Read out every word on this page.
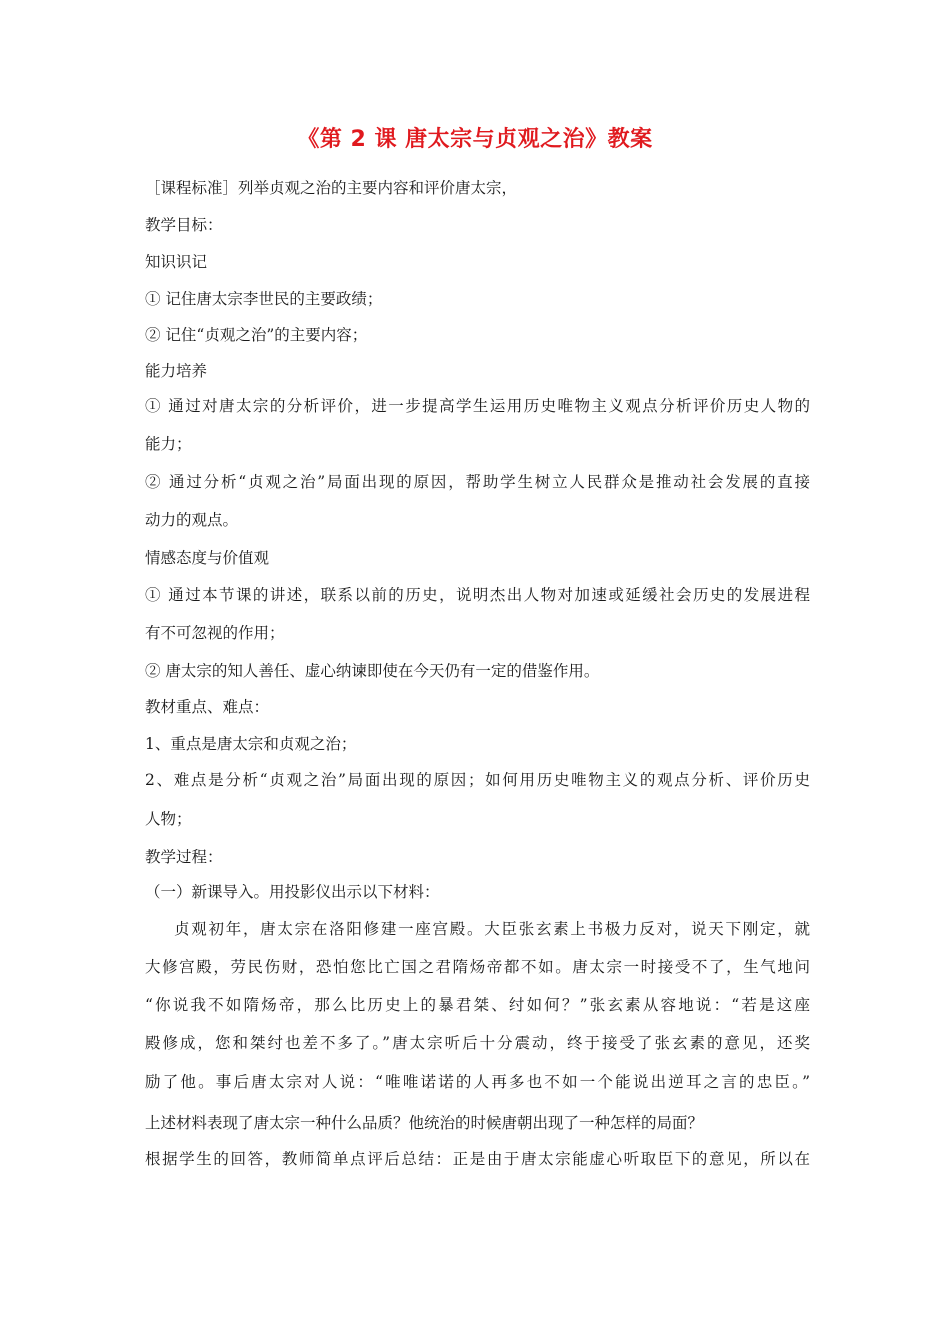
《第 2 课 唐太宗与贞观之治》教案

［课程标准］列举贞观之治的主要内容和评价唐太宗，

教学目标：

知识识记

① 记住唐太宗李世民的主要政绩；

② 记住“贞观之治”的主要内容；

能力培养

① 通过对唐太宗的分析评价，进一步提高学生运用历史唯物主义观点分析评价历史人物的

能力；

② 通过分析“贞观之治”局面出现的原因，帮助学生树立人民群众是推动社会发展的直接

动力的观点。

情感态度与价值观

① 通过本节课的讲述，联系以前的历史，说明杰出人物对加速或延缓社会历史的发展进程

有不可忽视的作用；

② 唐太宗的知人善任、虚心纳谏即使在今天仍有一定的借鉴作用。

教材重点、难点：

1、重点是唐太宗和贞观之治；

2、难点是分析“贞观之治”局面出现的原因；如何用历史唯物主义的观点分析、评价历史

人物；

教学过程：

（一）新课导入。用投影仪出示以下材料：

贞观初年，唐太宗在洛阳修建一座宫殿。大臣张玄素上书极力反对，说天下刚定，就

大修宫殿，劳民伤财，恐怕您比亡国之君隋炀帝都不如。唐太宗一时接受不了，生气地问

“你说我不如隋炀帝，那么比历史上的暴君桀、纣如何？”张玄素从容地说：“若是这座

殿修成，您和桀纣也差不多了。”唐太宗听后十分震动，终于接受了张玄素的意见，还奖

励了他。事后唐太宗对人说：“唯唯诺诺的人再多也不如一个能说出逆耳之言的忠臣。”

上述材料表现了唐太宗一种什么品质？他统治的时候唐朝出现了一种怎样的局面？

根据学生的回答，教师简单点评后总结：正是由于唐太宗能虚心听取臣下的意见，所以在
